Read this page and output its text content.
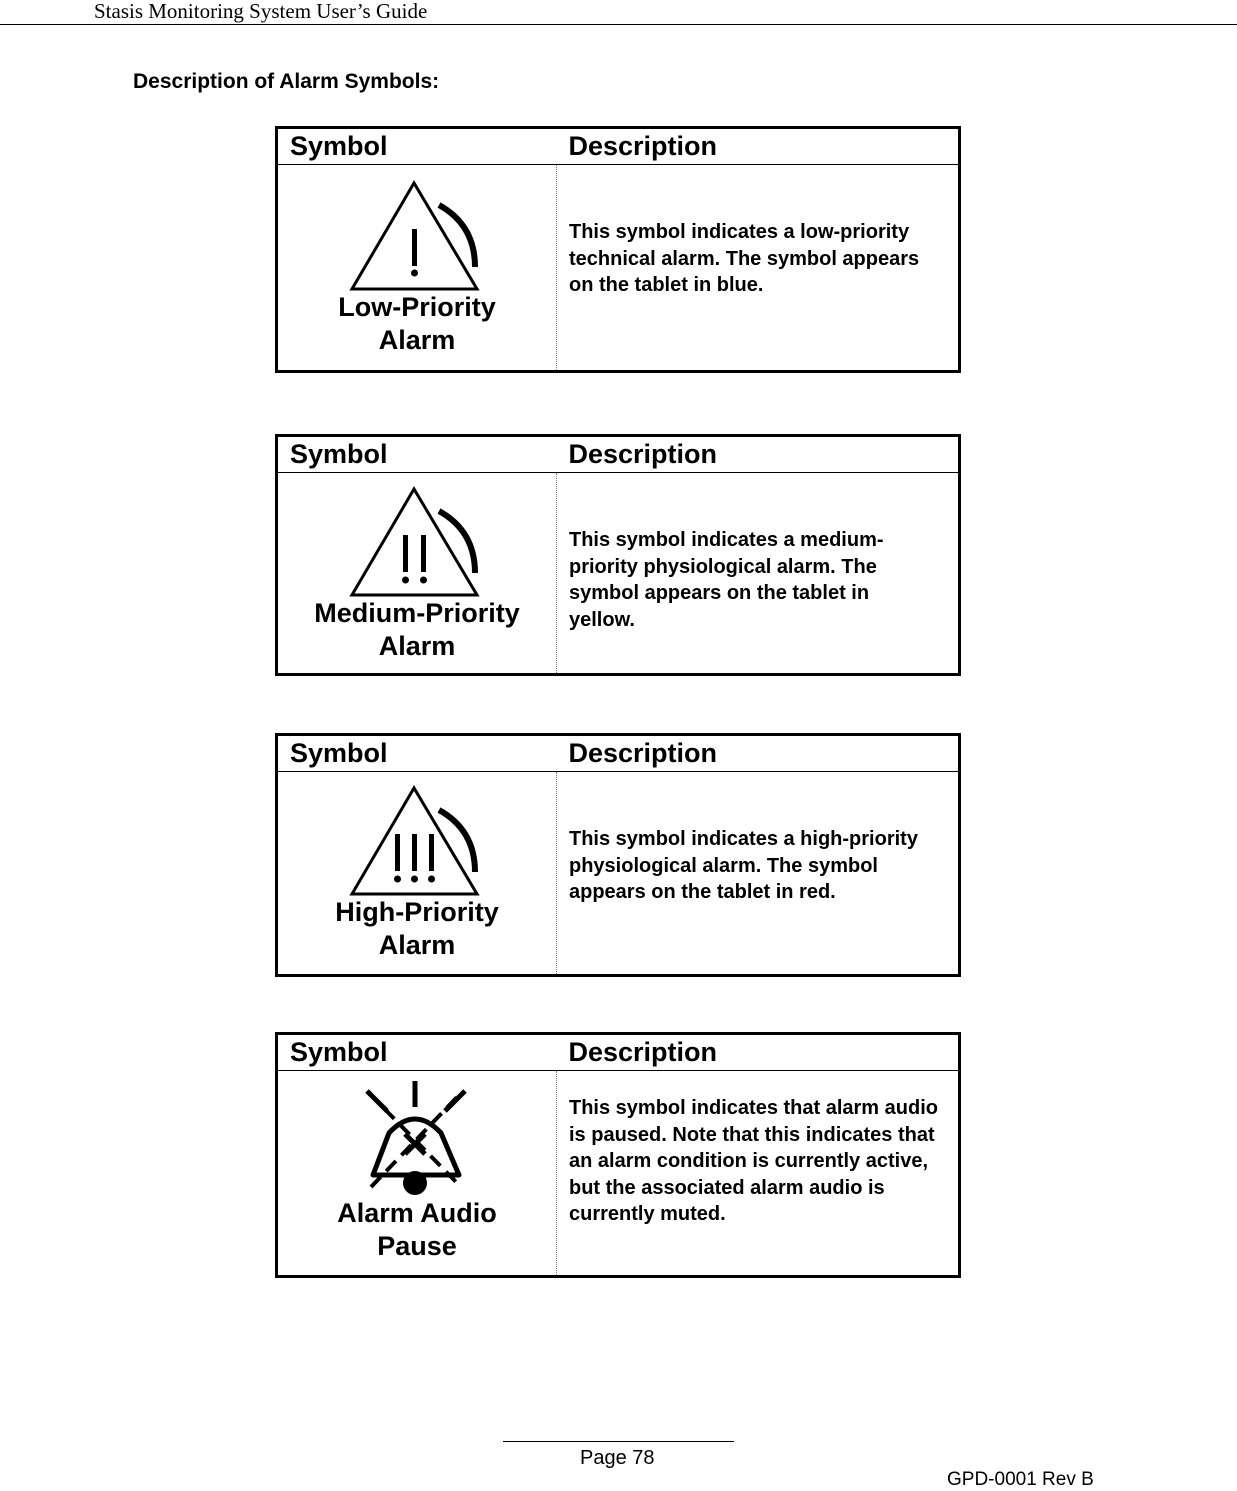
Stasis Monitoring System User’s Guide
Description of Alarm Symbols:
Symbol	Description

Low-Priority
Alarm	This symbol indicates a low-priority technical alarm. The symbol appears on the tablet in blue.
Symbol	Description

Medium-Priority
Alarm	This symbol indicates a medium-priority physiological alarm. The symbol appears on the tablet in yellow.
Symbol	Description

High-Priority
Alarm	This symbol indicates a high-priority physiological alarm. The symbol appears on the tablet in red.
Symbol	Description

Alarm Audio
Pause	This symbol indicates that alarm audio is paused. Note that this indicates that an alarm condition is currently active, but the associated alarm audio is currently muted.
Page 78
GPD-0001 Rev B
